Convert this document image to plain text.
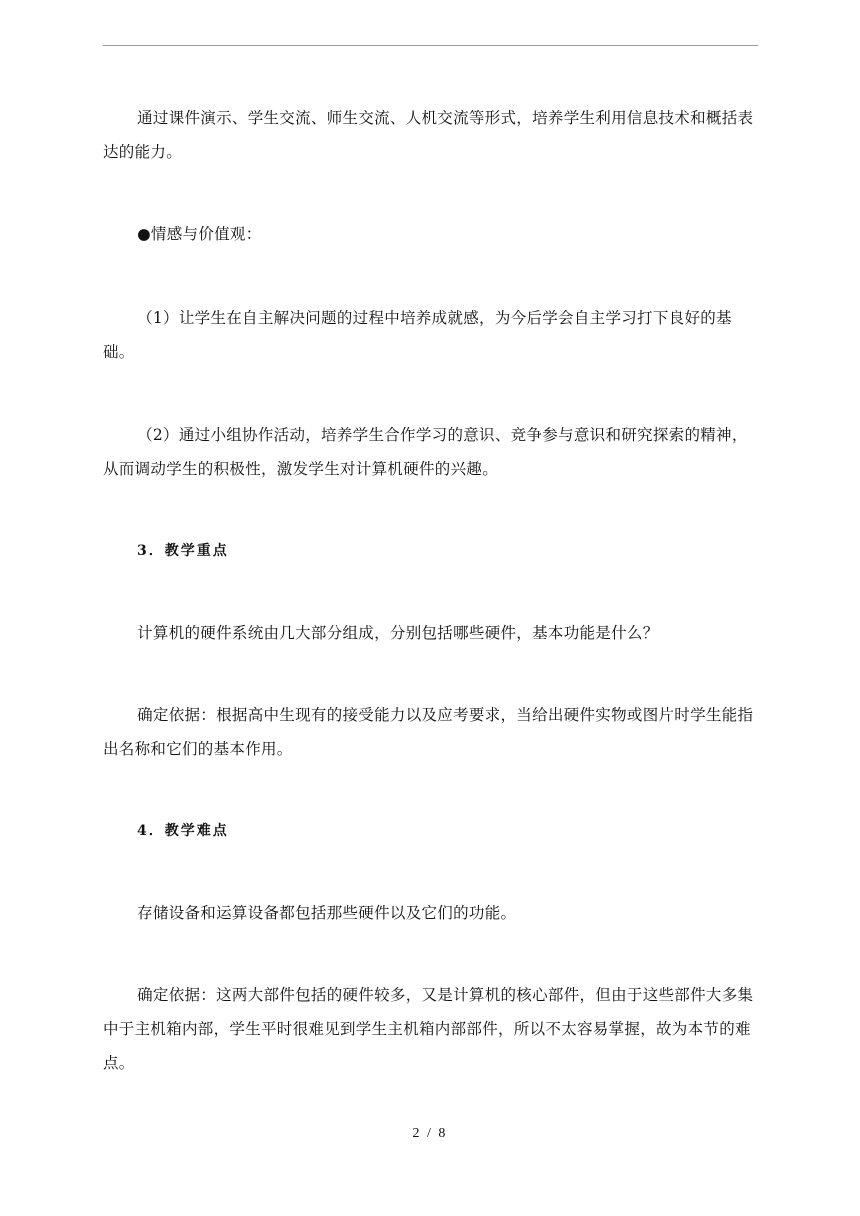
通过课件演示、学生交流、师生交流、人机交流等形式，培养学生利用信息技术和概括表达的能力。

●情感与价值观：

（1）让学生在自主解决问题的过程中培养成就感，为今后学会自主学习打下良好的基础。

（2）通过小组协作活动，培养学生合作学习的意识、竞争参与意识和研究探索的精神，从而调动学生的积极性，激发学生对计算机硬件的兴趣。

3．教学重点

计算机的硬件系统由几大部分组成，分别包括哪些硬件，基本功能是什么？

确定依据：根据高中生现有的接受能力以及应考要求，当给出硬件实物或图片时学生能指出名称和它们的基本作用。

4．教学难点

存储设备和运算设备都包括那些硬件以及它们的功能。

确定依据：这两大部件包括的硬件较多，又是计算机的核心部件，但由于这些部件大多集中于主机箱内部，学生平时很难见到学生主机箱内部部件，所以不太容易掌握，故为本节的难点。

2 / 8
